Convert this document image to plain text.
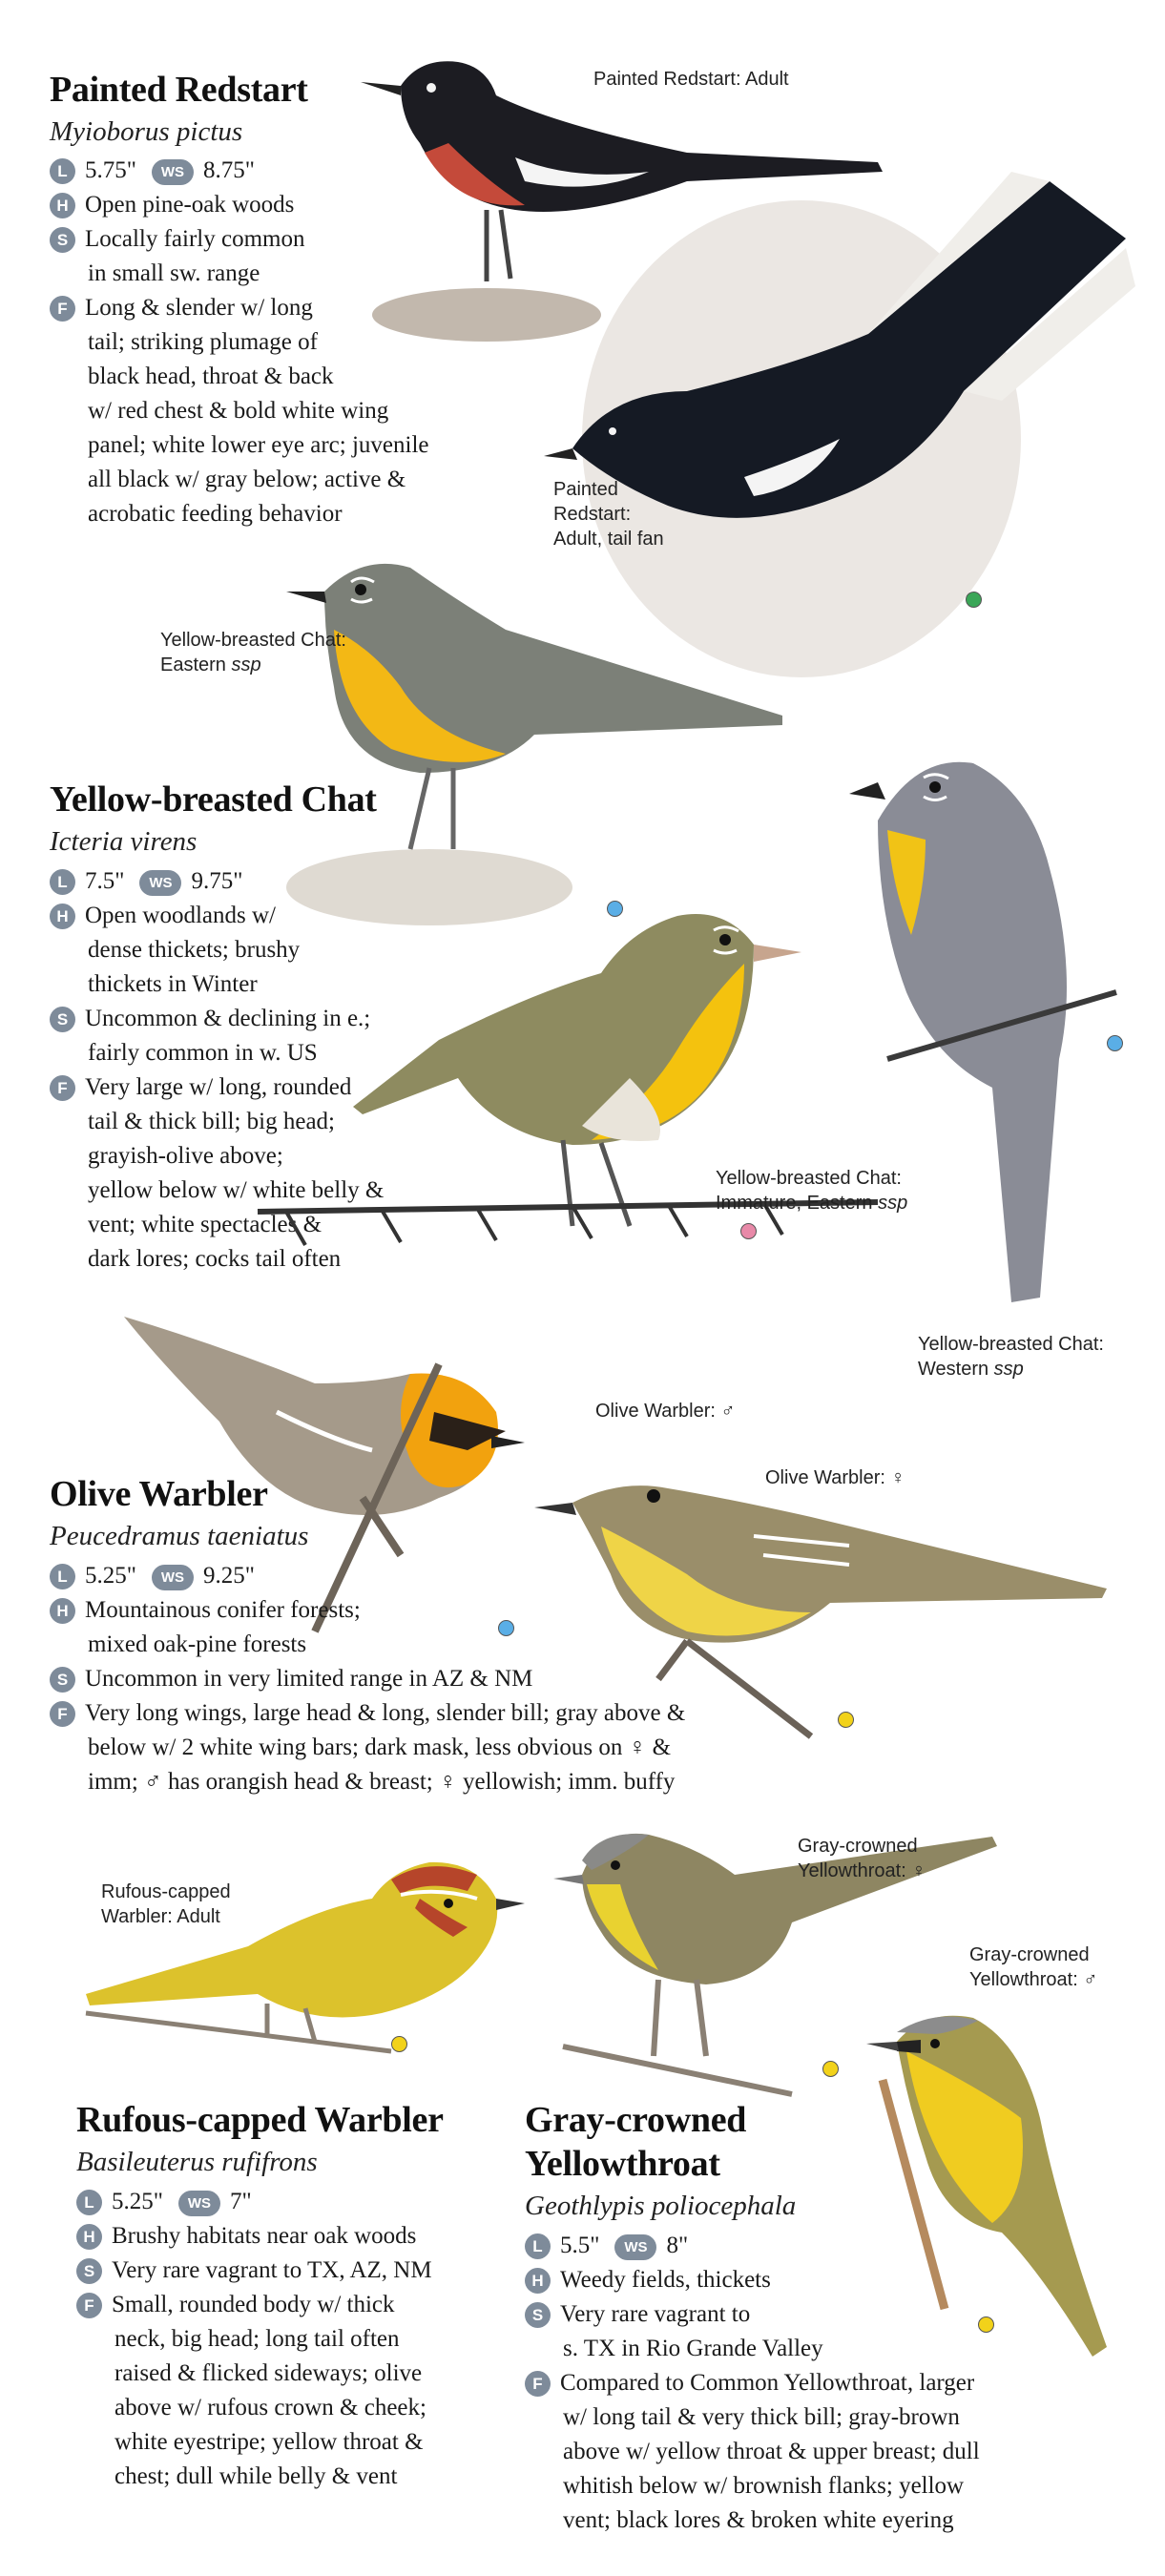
Painted Redstart
Myioborus pictus
L 5.75" WS 8.75"
H Open pine-oak woods
S Locally fairly common
in small sw. range
F Long & slender w/ long
tail; striking plumage of
black head, throat & back
w/ red chest & bold white wing
panel; white lower eye arc; juvenile
all black w/ gray below; active &
acrobatic feeding behavior
Painted Redstart: Adult
Painted
Redstart:
Adult, tail fan
Yellow-breasted Chat:
Eastern ssp
Yellow-breasted Chat
Icteria virens
L 7.5" WS 9.75"
H Open woodlands w/
dense thickets; brushy
thickets in Winter
S Uncommon & declining in e.;
fairly common in w. US
F Very large w/ long, rounded
tail & thick bill; big head;
grayish-olive above;
yellow below w/ white belly &
vent; white spectacles &
dark lores; cocks tail often
Yellow-breasted Chat:
Immature, Eastern ssp
Yellow-breasted Chat:
Western ssp
Olive Warbler: ♂
Olive Warbler: ♀
Olive Warbler
Peucedramus taeniatus
L 5.25" WS 9.25"
H Mountainous conifer forests;
mixed oak-pine forests
S Uncommon in very limited range in AZ & NM
F Very long wings, large head & long, slender bill; gray above &
below w/ 2 white wing bars; dark mask, less obvious on ♀ &
imm; ♂ has orangish head & breast; ♀ yellowish; imm. buffy
Rufous-capped
Warbler: Adult
Rufous-capped Warbler
Basileuterus rufifrons
L 5.25" WS 7"
H Brushy habitats near oak woods
S Very rare vagrant to TX, AZ, NM
F Small, rounded body w/ thick
neck, big head; long tail often
raised & flicked sideways; olive
above w/ rufous crown & cheek;
white eyestripe; yellow throat &
chest; dull while belly & vent
Gray-crowned
Yellowthroat: ♀
Gray-crowned
Yellowthroat: ♂
Gray-crowned
Yellowthroat
Geothlypis poliocephala
L 5.5" WS 8"
H Weedy fields, thickets
S Very rare vagrant to
s. TX in Rio Grande Valley
F Compared to Common Yellowthroat, larger
w/ long tail & very thick bill; gray-brown
above w/ yellow throat & upper breast; dull
whitish below w/ brownish flanks; yellow
vent; black lores & broken white eyering
